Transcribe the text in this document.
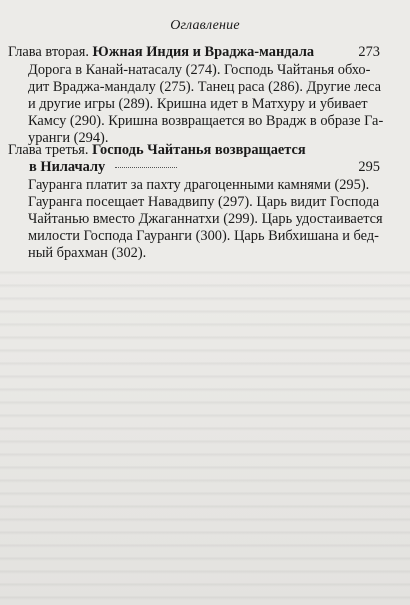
Оглавление
Глава вторая. Южная Индия и Враджа-мандала	273
Дорога в Канай-натасалу (274). Господь Чайтанья обхо-
дит Враджа-мандалу (275). Танец раса (286). Другие леса
и другие игры (289). Кришна идет в Матхуру и убивает
Камсу (290). Кришна возвращается во Врадж в образе Га-
уранги (294).
Глава третья. Господь Чайтанья возвращается
в Нилачалу	295
Гауранга платит за пахту драгоценными камнями (295).
Гауранга посещает Навадвипу (297). Царь видит Господа
Чайтанью вместо Джаганнатхи (299). Царь удостаивается
милости Господа Гауранги (300). Царь Вибхишана и бед-
ный брахман (302).
